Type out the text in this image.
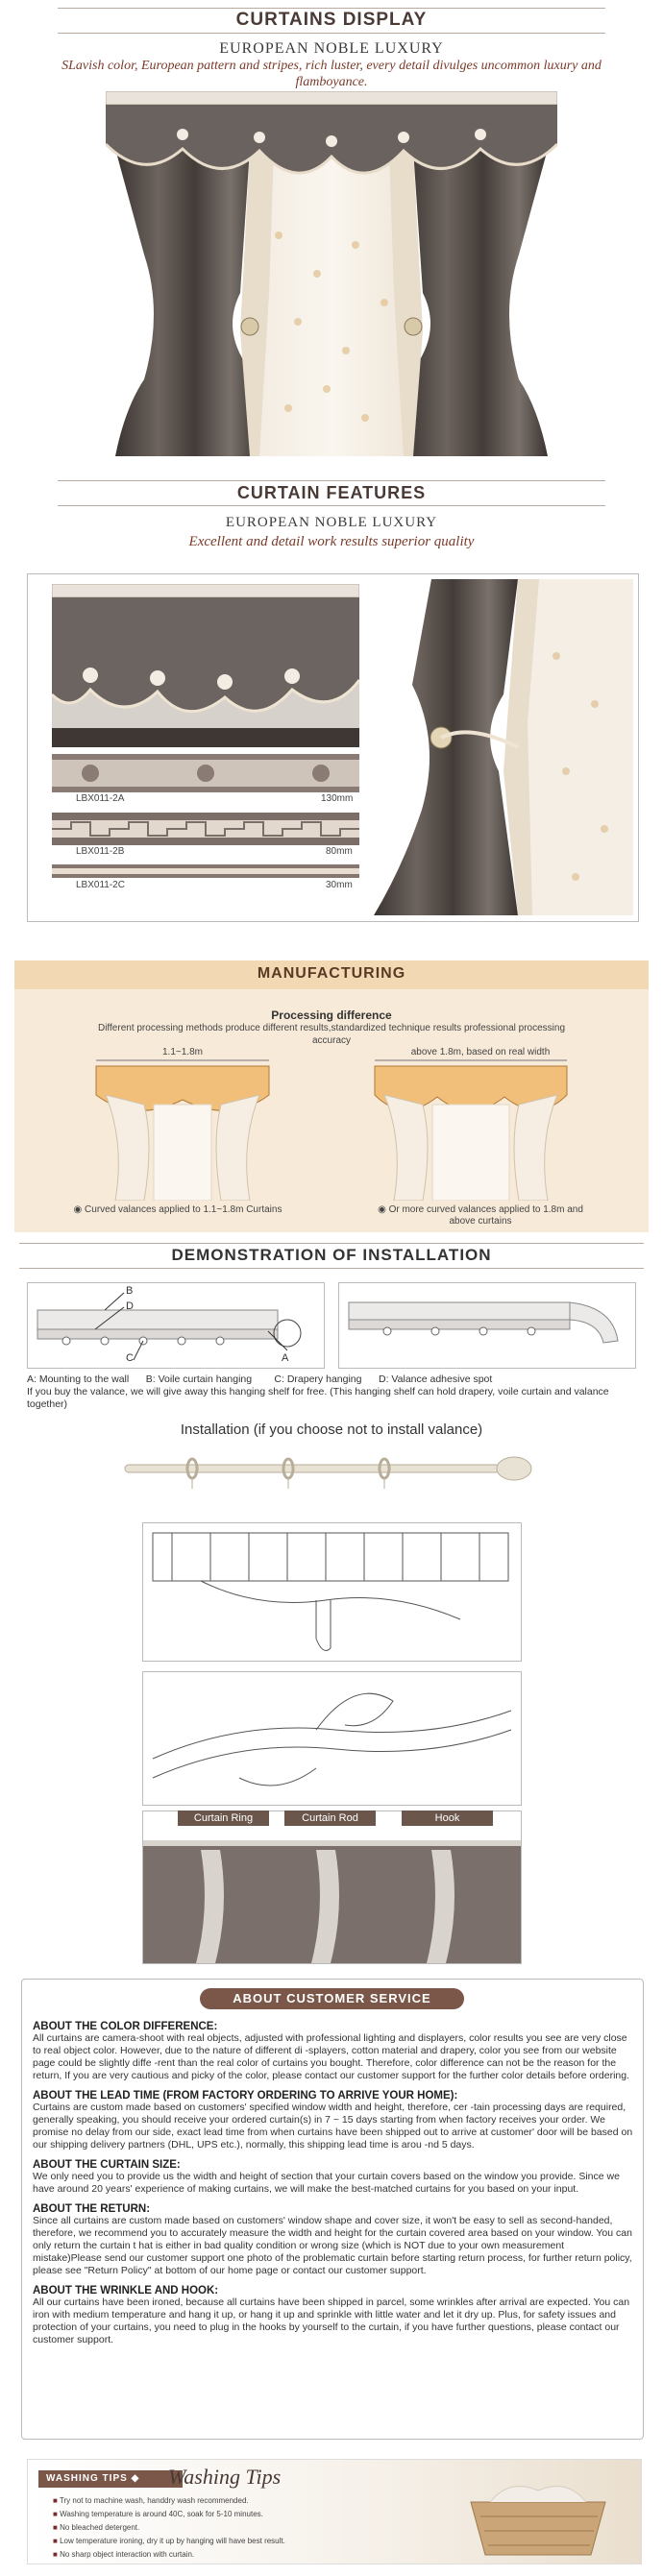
CURTAINS DISPLAY
EUROPEAN NOBLE LUXURY
SLavish color, European pattern and stripes, rich luster, every detail divulges uncommon luxury and flamboyance.
CURTAIN FEATURES
EUROPEAN NOBLE LUXURY
Excellent and detail work results superior quality
LBX011-2A	130mm
LBX011-2B	80mm
LBX011-2C	30mm
MANUFACTURING
Processing difference
Different processing methods produce different results,standardized technique results professional processing accuracy
1.1~1.8m	above 1.8m, based on real width
◉ Curved valances applied to 1.1~1.8m Curtains	◉ Or more curved valances applied to 1.8m and above curtains
DEMONSTRATION OF INSTALLATION
B
D
A
C
A: Mounting to the wall B: Voile curtain hanging C: Drapery hanging D: Valance adhesive spot
If you buy the valance, we will give away this hanging shelf for free. (This hanging shelf can hold drapery, voile curtain and valance together)
Installation (if you choose not to install valance)
Curtain Ring	Curtain Rod	Hook
ABOUT CUSTOMER SERVICE
ABOUT THE COLOR DIFFERENCE:

All curtains are camera-shoot with real objects, adjusted with professional lighting and displayers, color results you see are very close to real object color. However, due to the nature of different di -splayers, cotton material and drapery, color you see from our website page could be slightly diffe -rent than the real color of curtains you bought. Therefore, color difference can not be the reason for the return, If you are very cautious and picky of the color, please contact our customer support for the further color details before ordering.

ABOUT THE LEAD TIME (FROM FACTORY ORDERING TO ARRIVE YOUR HOME):

Curtains are custom made based on customers' specified window width and height, therefore, cer -tain processing days are required, generally speaking, you should receive your ordered curtain(s) in 7 ~ 15 days starting from when factory receives your order. We promise no delay from our side, exact lead time from when curtains have been shipped out to arrive at customer' door will be based on our shipping delivery partners (DHL, UPS etc.), normally, this shipping lead time is arou -nd 5 days.

ABOUT THE CURTAIN SIZE:

We only need you to provide us the width and height of section that your curtain covers based on the window you provide. Since we have around 20 years' experience of making curtains, we will make the best-matched curtains for you based on your input.

ABOUT THE RETURN:

Since all curtains are custom made based on customers' window shape and cover size, it won't be easy to sell as second-handed, therefore, we recommend you to accurately measure the width and height for the curtain covered area based on your window. You can only return the curtain t hat is either in bad quality condition or wrong size (which is NOT due to your own measurement mistake)Please send our customer support one photo of the problematic curtain before starting return process, for further return policy, please see "Return Policy" at bottom of our home page or contact our customer support.

ABOUT THE WRINKLE AND HOOK:

All our curtains have been ironed, because all curtains have been shipped in parcel, some wrinkles after arrival are expected. You can iron with medium temperature and hang it up, or hang it up and sprinkle with little water and let it dry up. Plus, for safety issues and protection of your curtains, you need to plug in the hooks by yourself to the curtain, if you have further questions, please contact our customer support.

WASHING TIPS ◆	Washing Tips
■ Try not to machine wash, handdry wash recommended.
■ Washing temperature is around 40C, soak for 5-10 minutes.
■ No bleached detergent.
■ Low temperature ironing, dry it up by hanging will have best result.
■ No sharp object interaction with curtain.
